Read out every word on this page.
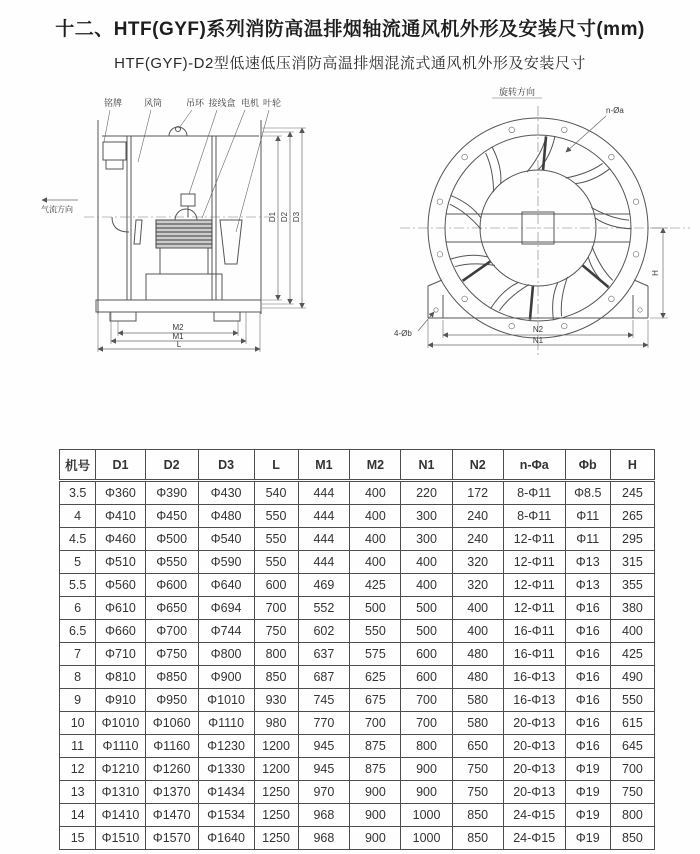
十二、HTF(GYF)系列消防高温排烟轴流通风机外形及安装尺寸(mm)
HTF(GYF)-D2型低速低压消防高温排烟混流式通风机外形及安装尺寸
铭牌 风筒	吊环 接线盒 电机 叶轮
D1 D2 D3
M2
M1
L
气流方向
旋转方向
n-Øa
4-Øb	N2
N1
H
机号	D1	D2	D3	L	M1	M2	N1	N2	n-Φa	Φb	H
3.5	Φ360	Φ390	Φ430	540	444	400	220	172	8-Φ11	Φ8.5	245
4	Φ410	Φ450	Φ480	550	444	400	300	240	8-Φ11	Φ11	265
4.5	Φ460	Φ500	Φ540	550	444	400	300	240	12-Φ11	Φ11	295
5	Φ510	Φ550	Φ590	550	444	400	400	320	12-Φ11	Φ13	315
5.5	Φ560	Φ600	Φ640	600	469	425	400	320	12-Φ11	Φ13	355
6	Φ610	Φ650	Φ694	700	552	500	500	400	12-Φ11	Φ16	380
6.5	Φ660	Φ700	Φ744	750	602	550	500	400	16-Φ11	Φ16	400
7	Φ710	Φ750	Φ800	800	637	575	600	480	16-Φ11	Φ16	425
8	Φ810	Φ850	Φ900	850	687	625	600	480	16-Φ13	Φ16	490
9	Φ910	Φ950	Φ1010	930	745	675	700	580	16-Φ13	Φ16	550
10	Φ1010	Φ1060	Φ1110	980	770	700	700	580	20-Φ13	Φ16	615
11	Φ1110	Φ1160	Φ1230	1200	945	875	800	650	20-Φ13	Φ16	645
12	Φ1210	Φ1260	Φ1330	1200	945	875	900	750	20-Φ13	Φ19	700
13	Φ1310	Φ1370	Φ1434	1250	970	900	900	750	20-Φ13	Φ19	750
14	Φ1410	Φ1470	Φ1534	1250	968	900	1000	850	24-Φ15	Φ19	800
15	Φ1510	Φ1570	Φ1640	1250	968	900	1000	850	24-Φ15	Φ19	850
